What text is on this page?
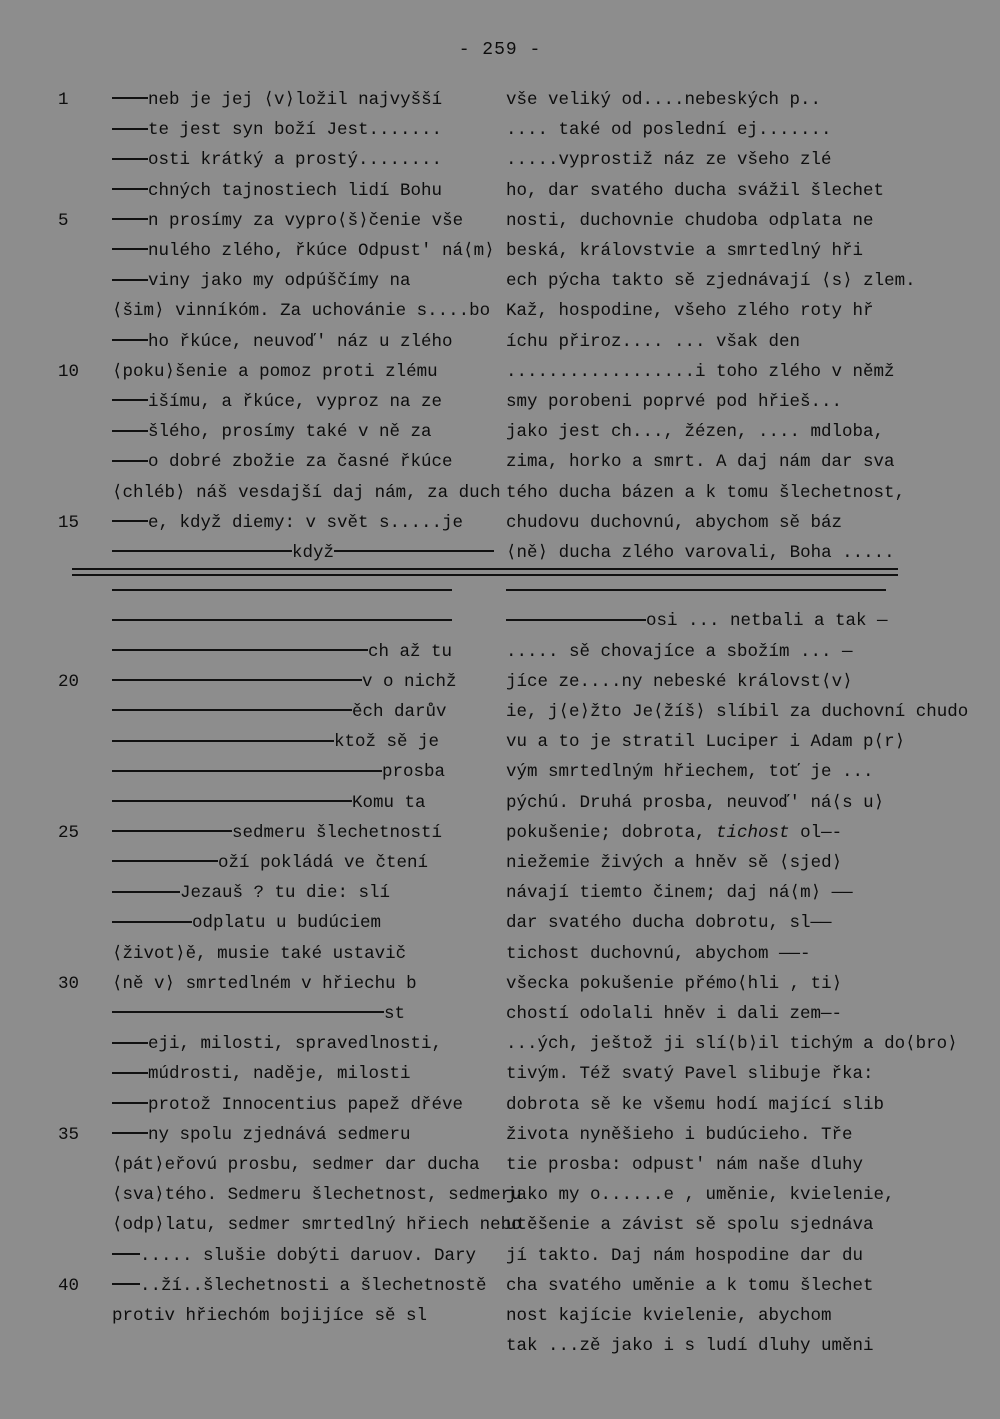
- 259 -
1
5
10
15
20
25
30
35
40
neb je jej ⟨v⟩ložil najvyšší
te jest syn boží Jest.......
osti krátký a prostý........
chných tajnostiech lidí Bohu
n prosímy za vypro⟨š⟩čenie vše
nulého zlého, řkúce Odpust' ná⟨m⟩
viny jako my odpúščímy na
⟨šim⟩ vinníkóm. Za uchovánie s....bo
ho řkúce, neuvoď' náz u zlého
⟨poku⟩šenie a pomoz proti zlému
išímu, a řkúce, vyproz na ze
šlého, prosímy také v ně za
o dobré zbožie za časné řkúce
⟨chléb⟩ náš vesdajší daj nám, za duch
e, když diemy: v svět s.....je
když
ch až tu
v o nichž
ěch darův
ktož sě je
prosba
Komu ta
sedmeru šlechetností
oží pokládá ve čtení
Jezauš ? tu die: slí
odplatu u budúciem
⟨život⟩ě, musie také ustavič
⟨ně v⟩ smrtedlném v hřiechu b
st
eji, milosti, spravedlnosti,
múdrosti, naděje, milosti
protož Innocentius papež dřéve
ny spolu zjednává sedmeru
⟨pát⟩eřovú prosbu, sedmer dar ducha
⟨sva⟩tého. Sedmeru šlechetnost, sedmeru
⟨odp⟩latu, sedmer smrtedlný hřiech nebo
..... slušie dobýti daruov. Dary
..ží..šlechetnosti a šlechetnostě
protiv hřiechóm bojijíce sě sl
vše veliký od....nebeských p..
.... také od poslední ej.......
.....vyprostiž náz ze všeho zlé
ho, dar svatého ducha svážil šlechet
nosti, duchovnie chudoba odplata ne
beská, královstvie a smrtedlný hři
ech pýcha takto sě zjednávají ⟨s⟩ zlem.
Kaž, hospodine, všeho zlého roty hř
íchu přiroz.... ... však den
..................i toho zlého v němž
smy porobeni poprvé pod hřieš...
jako jest ch..., žézen, .... mdloba,
zima, horko a smrt. A daj nám dar sva
tého ducha bázen a k tomu šlechetnost,
chudovu duchovnú, abychom sě báz
⟨ně⟩ ducha zlého varovali, Boha .....
osi ... netbali a tak —
..... sě chovajíce a sbožím ... —
jíce ze....ny nebeské královst⟨v⟩
ie, j⟨e⟩žto Je⟨žíš⟩ slíbil za duchovní chudo
vu a to je stratil Luciper i Adam p⟨r⟩
vým smrtedlným hřiechem, toť je ...
pýchú. Druhá prosba, neuvoď' ná⟨s u⟩
pokušenie; dobrota, tichost ol—-
niežemie živých a hněv sě ⟨sjed⟩
návají tiemto činem; daj ná⟨m⟩ ——
dar svatého ducha dobrotu, sl——
tichost duchovnú, abychom ——-
všecka pokušenie přémo⟨hli , ti⟩
chostí odolali hněv i dali zem—-
...ých, ještož ji slí⟨b⟩il tichým a do⟨bro⟩
tivým. Též svatý Pavel slibuje řka:
dobrota sě ke všemu hodí mající slib
života nyněšieho i budúcieho. Tře
tie prosba: odpust' nám naše dluhy
jako my o......e , uměnie, kvielenie,
utěšenie a závist sě spolu sjednáva
jí takto. Daj nám hospodine dar du
cha svatého uměnie a k tomu šlechet
nost kajície kvielenie, abychom
tak ...zě jako i s ludí dluhy uměni
